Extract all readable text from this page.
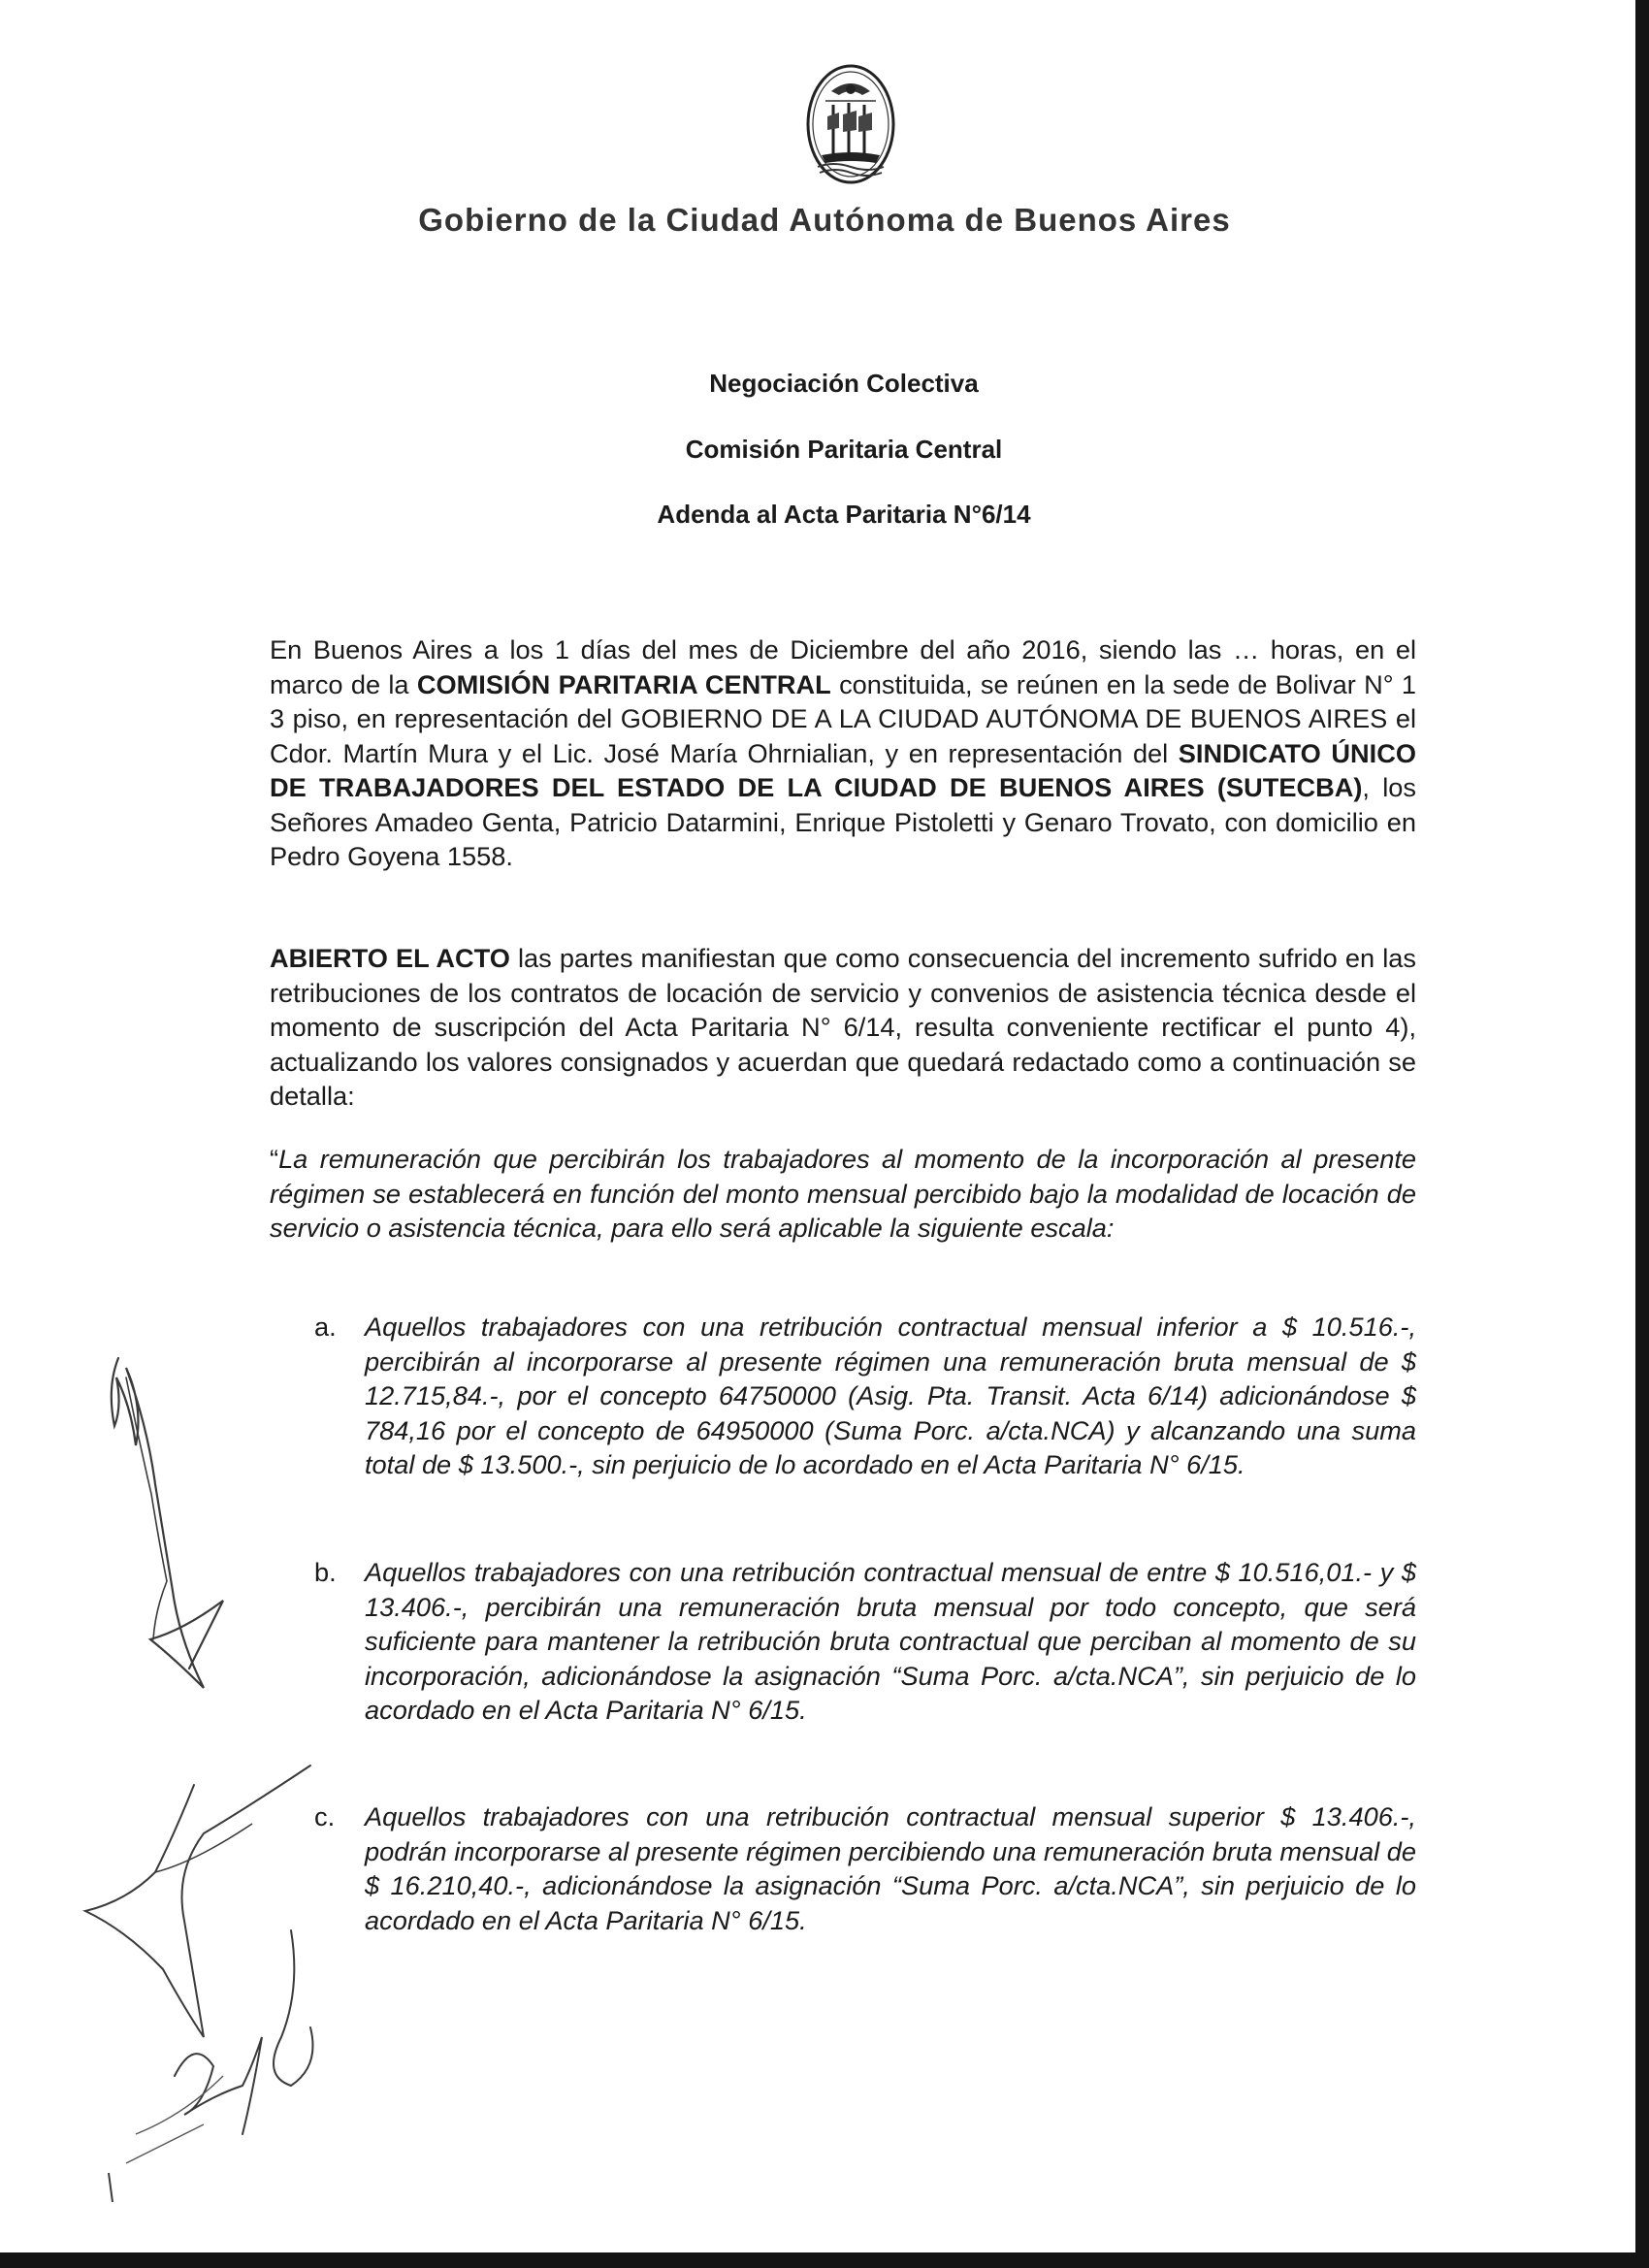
Gobierno de la Ciudad Autónoma de Buenos Aires
Negociación Colectiva
Comisión Paritaria Central
Adenda al Acta Paritaria N°6/14
En Buenos Aires a los 1 días del mes de Diciembre del año 2016, siendo las … horas, en el marco de la COMISIÓN PARITARIA CENTRAL constituida, se reúnen en la sede de Bolivar N° 1 3 piso, en representación del GOBIERNO DE A LA CIUDAD AUTÓNOMA DE BUENOS AIRES el Cdor. Martín Mura y el Lic. José María Ohrnialian, y en representación del SINDICATO ÚNICO DE TRABAJADORES DEL ESTADO DE LA CIUDAD DE BUENOS AIRES (SUTECBA), los Señores Amadeo Genta, Patricio Datarmini, Enrique Pistoletti y Genaro Trovato, con domicilio en Pedro Goyena 1558.
ABIERTO EL ACTO las partes manifiestan que como consecuencia del incremento sufrido en las retribuciones de los contratos de locación de servicio y convenios de asistencia técnica desde el momento de suscripción del Acta Paritaria N° 6/14, resulta conveniente rectificar el punto 4), actualizando los valores consignados y acuerdan que quedará redactado como a continuación se detalla:
“La remuneración que percibirán los trabajadores al momento de la incorporación al presente régimen se establecerá en función del monto mensual percibido bajo la modalidad de locación de servicio o asistencia técnica, para ello será aplicable la siguiente escala:
a.	Aquellos trabajadores con una retribución contractual mensual inferior a $ 10.516.-, percibirán al incorporarse al presente régimen una remuneración bruta mensual de $ 12.715,84.-, por el concepto 64750000 (Asig. Pta. Transit. Acta 6/14) adicionándose $ 784,16 por el concepto de 64950000 (Suma Porc. a/cta.NCA) y alcanzando una suma total de $ 13.500.-, sin perjuicio de lo acordado en el Acta Paritaria N° 6/15.
b.	Aquellos trabajadores con una retribución contractual mensual de entre $ 10.516,01.- y $ 13.406.-, percibirán una remuneración bruta mensual por todo concepto, que será suficiente para mantener la retribución bruta contractual que perciban al momento de su incorporación, adicionándose la asignación “Suma Porc. a/cta.NCA”, sin perjuicio de lo acordado en el Acta Paritaria N° 6/15.
c.	Aquellos trabajadores con una retribución contractual mensual superior $ 13.406.-, podrán incorporarse al presente régimen percibiendo una remuneración bruta mensual de $ 16.210,40.-, adicionándose la asignación “Suma Porc. a/cta.NCA”, sin perjuicio de lo acordado en el Acta Paritaria N° 6/15.
